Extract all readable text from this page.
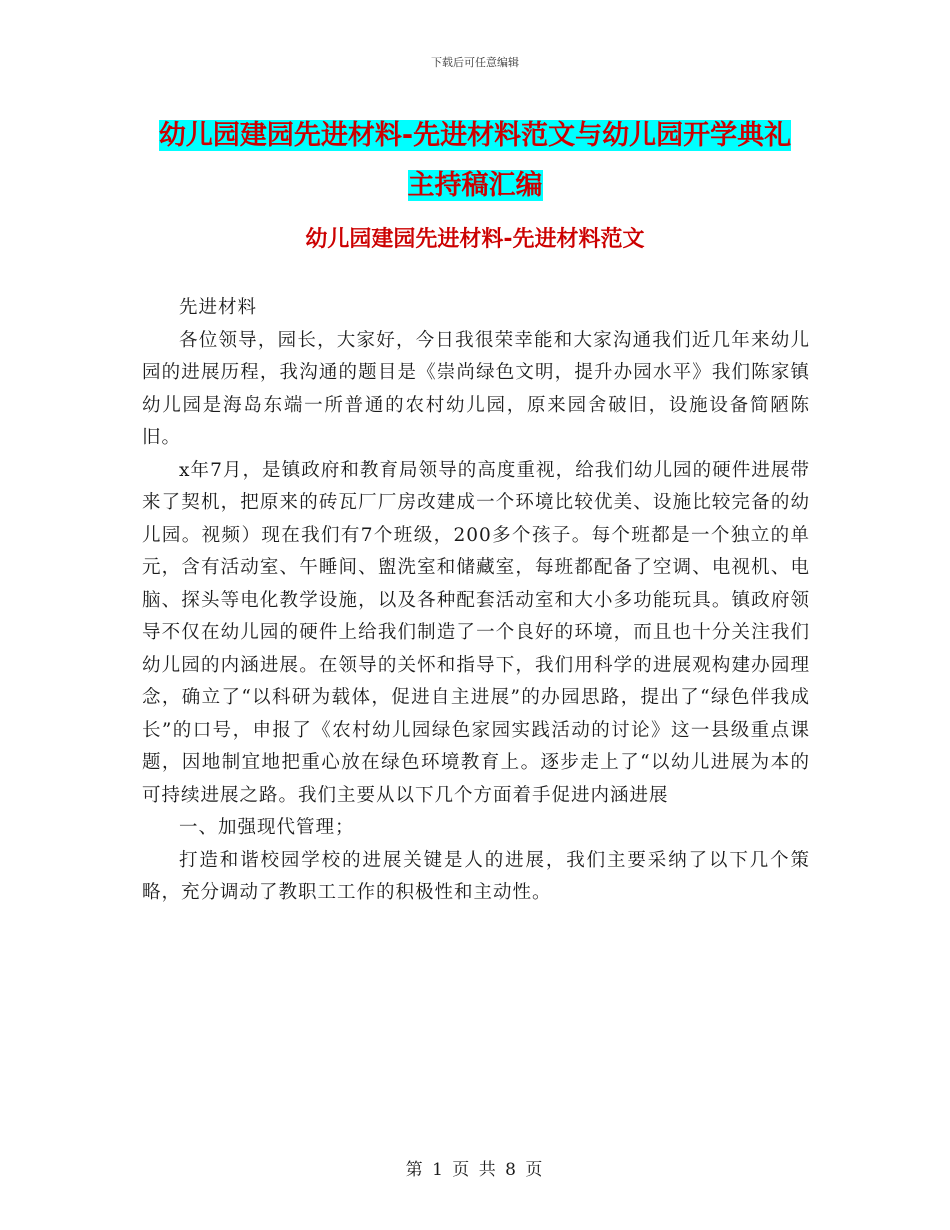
下载后可任意编辑
幼儿园建园先进材料-先进材料范文与幼儿园开学典礼
主持稿汇编
幼儿园建园先进材料-先进材料范文

先进材料

各位领导，园长，大家好，今日我很荣幸能和大家沟通我们近几年来幼儿园的进展历程，我沟通的题目是《崇尚绿色文明，提升办园水平》我们陈家镇幼儿园是海岛东端一所普通的农村幼儿园，原来园舍破旧，设施设备简陋陈旧。

x年7月，是镇政府和教育局领导的高度重视，给我们幼儿园的硬件进展带来了契机，把原来的砖瓦厂厂房改建成一个环境比较优美、设施比较完备的幼儿园。视频）现在我们有7个班级，200多个孩子。每个班都是一个独立的单元，含有活动室、午睡间、盥洗室和储藏室，每班都配备了空调、电视机、电脑、探头等电化教学设施，以及各种配套活动室和大小多功能玩具。镇政府领导不仅在幼儿园的硬件上给我们制造了一个良好的环境，而且也十分关注我们幼儿园的内涵进展。在领导的关怀和指导下，我们用科学的进展观构建办园理念，确立了“以科研为载体，促进自主进展”的办园思路，提出了“绿色伴我成长”的口号，申报了《农村幼儿园绿色家园实践活动的讨论》这一县级重点课题，因地制宜地把重心放在绿色环境教育上。逐步走上了“以幼儿进展为本的可持续进展之路。我们主要从以下几个方面着手促进内涵进展

一、加强现代管理；

打造和谐校园学校的进展关键是人的进展，我们主要采纳了以下几个策略，充分调动了教职工工作的积极性和主动性。

第 1 页 共 8 页
